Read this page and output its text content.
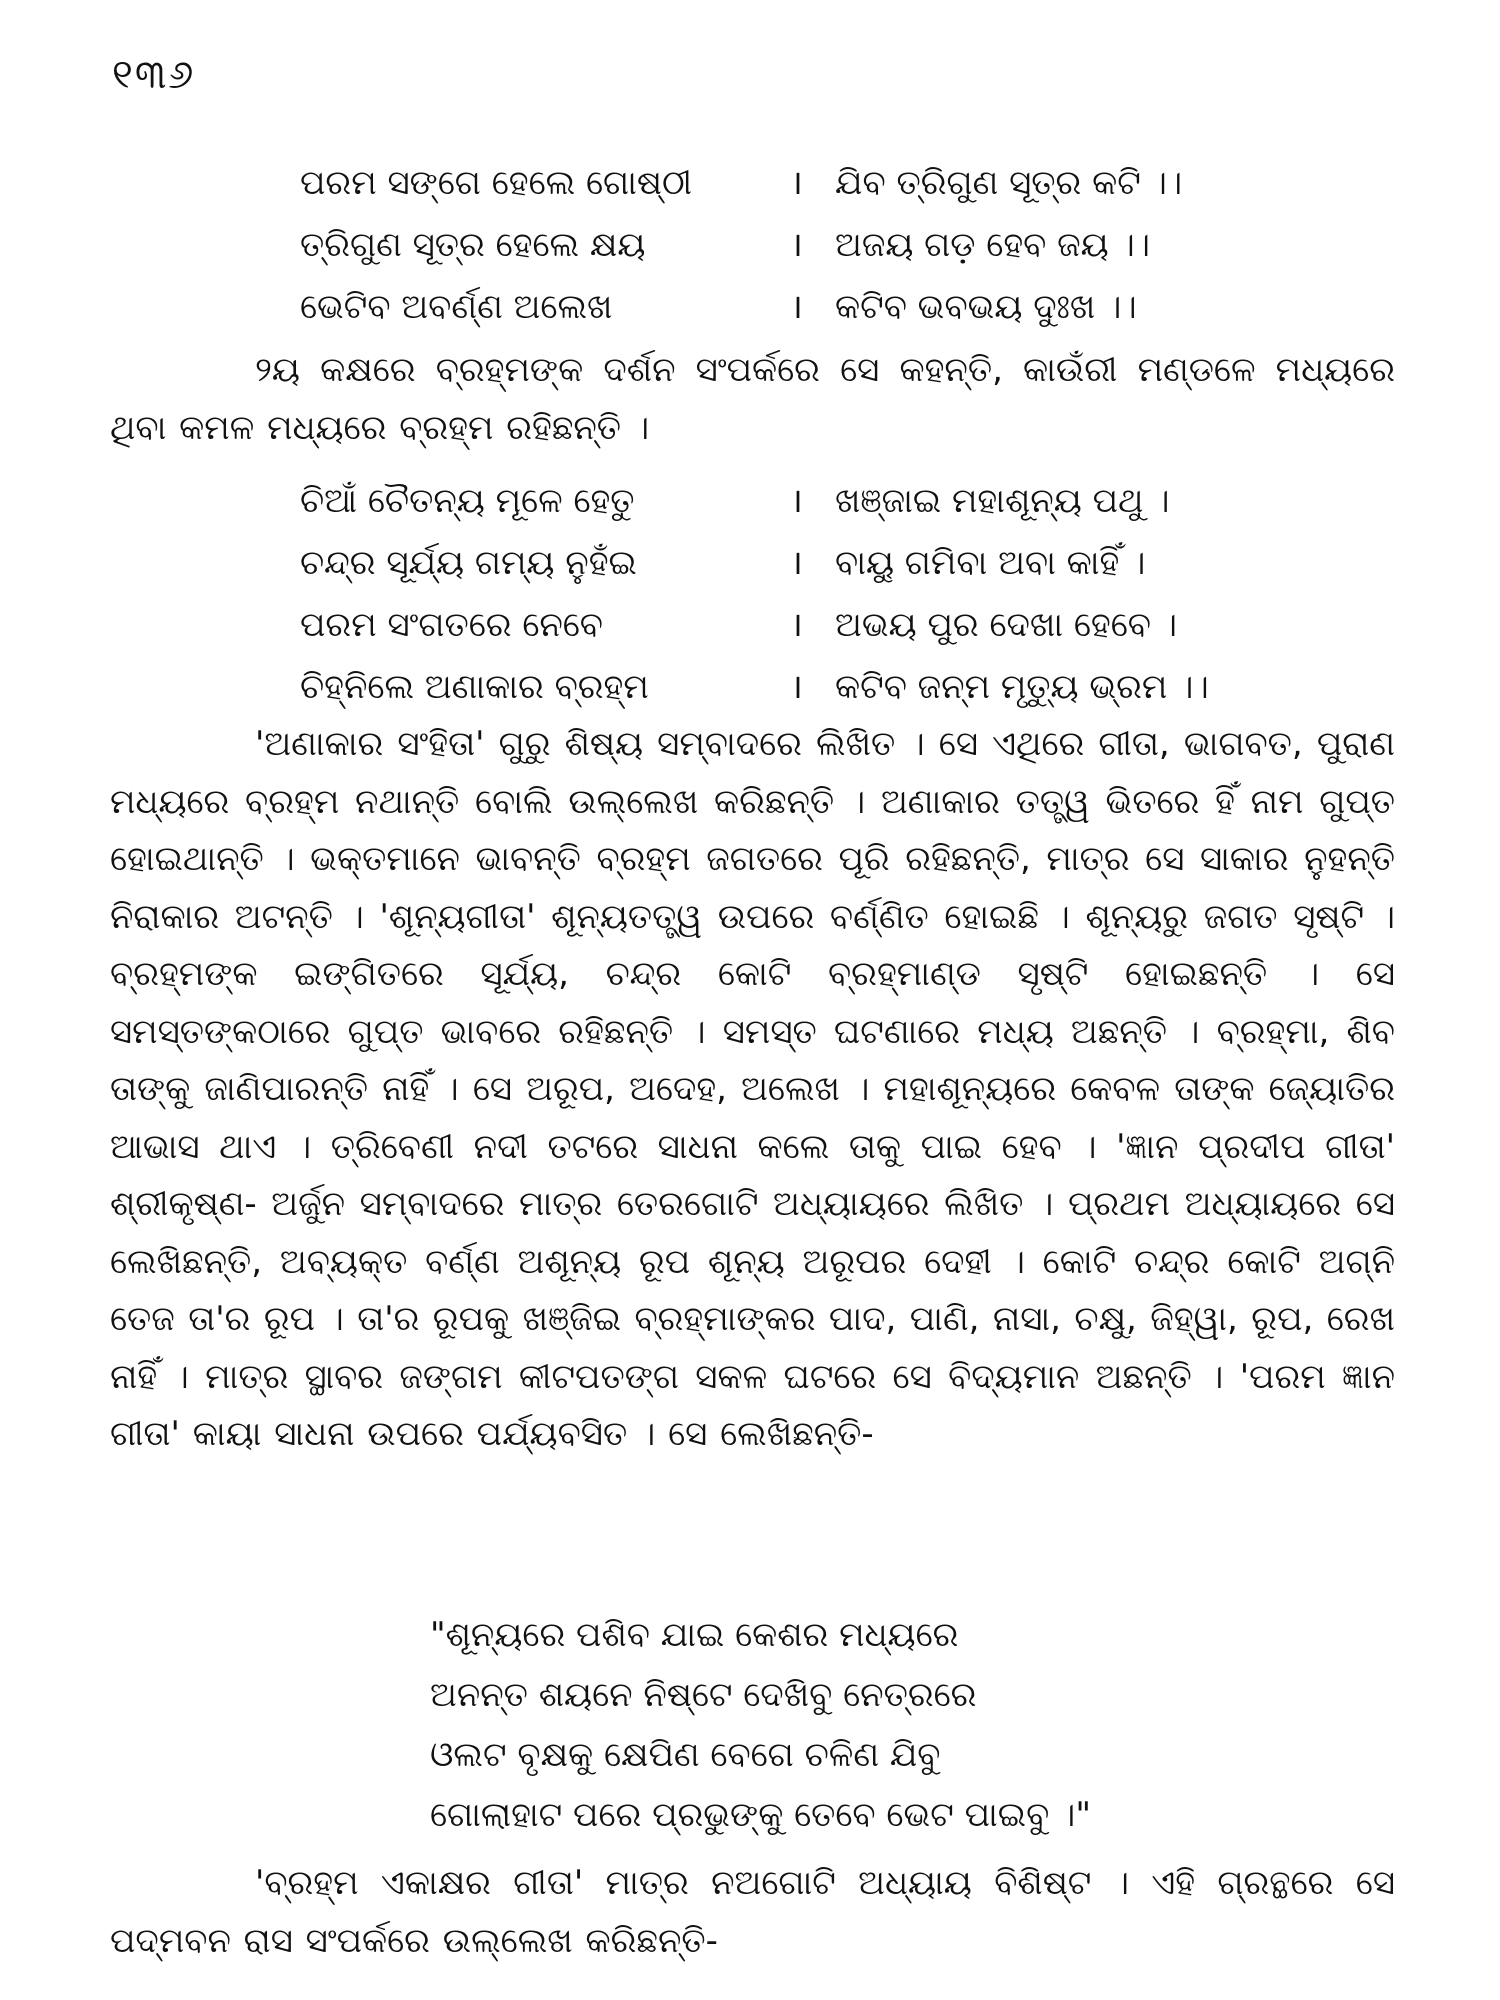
୧୩୬
ପରମ ସଙ୍ଗେ ହେଲେ ଗୋଷ୍ଠୀ	। ଯିବ ତ୍ରିଗୁଣ ସୂତ୍ର କଟି ।।
ତ୍ରିଗୁଣ ସୂତ୍ର ହେଲେ କ୍ଷୟ	। ଅଜୟ ଗଡ଼ ହେବ ଜୟ ।।
ଭେଟିବ ଅବର୍ଣ୍ଣ ଅଲେଖ	। କଟିବ ଭବଭୟ ଦୁଃଖ ।।

୨ୟ କକ୍ଷରେ ବ୍ରହ୍ମଙ୍କ ଦର୍ଶନ ସଂପର୍କରେ ସେ କହନ୍ତି, କାଉଁରୀ ମଣ୍ଡଳେ ମଧ୍ୟରେ ଥିବା କମଳ ମଧ୍ୟରେ ବ୍ରହ୍ମ ରହିଛନ୍ତି ।

ଚିଆଁ ଚୈତନ୍ୟ ମୂଳେ ହେତୁ	। ଖଞ୍ଜାଇ ମହାଶୂନ୍ୟ ପଥୁ ।
ଚନ୍ଦ୍ର ସୂର୍ଯ୍ୟ ଗମ୍ୟ ନୁହଁଇ	। ବାୟୁ ଗମିବା ଅବା କାହିଁ ।
ପରମ ସଂଗତରେ ନେବେ	। ଅଭୟ ପୁର ଦେଖା ହେବେ ।
ଚିହ୍ନିଲେ ଅଣାକାର ବ୍ରହ୍ମ	। କଟିବ ଜନ୍ମ ମୃତ୍ୟୁ ଭ୍ରମ ।।

'ଅଣାକାର ସଂହିତା' ଗୁରୁ ଶିଷ୍ୟ ସମ୍ବାଦରେ ଲିଖିତ । ସେ ଏଥିରେ ଗୀତା, ଭାଗବତ, ପୁରାଣ ମଧ୍ୟରେ ବ୍ରହ୍ମ ନଥାନ୍ତି ବୋଲି ଉଲ୍ଲେଖ କରିଛନ୍ତି । ଅଣାକାର ତତ୍ତ୍ୱ ଭିତରେ ହିଁ ନାମ ଗୁପ୍ତ ହୋଇଥାନ୍ତି । ଭକ୍ତମାନେ ଭାବନ୍ତି ବ୍ରହ୍ମ ଜଗତରେ ପୂରି ରହିଛନ୍ତି, ମାତ୍ର ସେ ସାକାର ନୁହନ୍ତି ନିରାକାର ଅଟନ୍ତି । 'ଶୂନ୍ୟଗୀତା' ଶୂନ୍ୟତତ୍ତ୍ୱ ଉପରେ ବର୍ଣ୍ଣିତ ହୋଇଛି । ଶୂନ୍ୟରୁ ଜଗତ ସୃଷ୍ଟି । ବ୍ରହ୍ମଙ୍କ ଇଙ୍ଗିତରେ ସୂର୍ଯ୍ୟ, ଚନ୍ଦ୍ର କୋଟି ବ୍ରହ୍ମାଣ୍ଡ ସୃଷ୍ଟି ହୋଇଛନ୍ତି । ସେ ସମସ୍ତଙ୍କଠାରେ ଗୁପ୍ତ ଭାବରେ ରହିଛନ୍ତି । ସମସ୍ତ ଘଟଣାରେ ମଧ୍ୟ ଅଛନ୍ତି । ବ୍ରହ୍ମା, ଶିବ ତାଙ୍କୁ ଜାଣିପାରନ୍ତି ନାହିଁ । ସେ ଅରୂପ, ଅଦେହ, ଅଲେଖ । ମହାଶୂନ୍ୟରେ କେବଳ ତାଙ୍କ ଜ୍ୟୋତିର ଆଭାସ ଥାଏ । ତ୍ରିବେଣୀ ନଦୀ ତଟରେ ସାଧନା କଲେ ତାକୁ ପାଇ ହେବ । 'ଜ୍ଞାନ ପ୍ରଦୀପ ଗୀତା' ଶ୍ରୀକୃଷ୍ଣ- ଅର୍ଜୁନ ସମ୍ବାଦରେ ମାତ୍ର ତେରଗୋଟି ଅଧ୍ୟାୟରେ ଲିଖିତ । ପ୍ରଥମ ଅଧ୍ୟାୟରେ ସେ ଲେଖିଛନ୍ତି, ଅବ୍ୟକ୍ତ ବର୍ଣ୍ଣ ଅଶୂନ୍ୟ ରୂପ ଶୂନ୍ୟ ଅରୂପର ଦେହୀ । କୋଟି ଚନ୍ଦ୍ର କୋଟି ଅଗ୍ନି ତେଜ ତା'ର ରୂପ । ତା'ର ରୂପକୁ ଖଞ୍ଜିଇ ବ୍ରହ୍ମାଙ୍କର ପାଦ, ପାଣି, ନାସା, ଚକ୍ଷୁ, ଜିହ୍ୱା, ରୂପ, ରେଖ ନାହିଁ । ମାତ୍ର ସ୍ଥାବର ଜଙ୍ଗମ କୀଟପତଙ୍ଗ ସକଳ ଘଟରେ ସେ ବିଦ୍ୟମାନ ଅଛନ୍ତି । 'ପରମ ଜ୍ଞାନ ଗୀତା' କାୟା ସାଧନା ଉପରେ ପର୍ଯ୍ୟବସିତ । ସେ ଲେଖିଛନ୍ତି-

"ଶୂନ୍ୟରେ ପଶିବ ଯାଇ କେଶର ମଧ୍ୟରେ
ଅନନ୍ତ ଶୟନେ ନିଷ୍ଟେ ଦେଖିବୁ ନେତ୍ରରେ
ଓଲଟ ବୃକ୍ଷକୁ କ୍ଷେପିଣ ବେଗେ ଚଳିଣ ଯିବୁ
ଗୋଲାହାଟ ପରେ ପ୍ରଭୁଙ୍କୁ ତେବେ ଭେଟ ପାଇବୁ ।"

'ବ୍ରହ୍ମ ଏକାକ୍ଷର ଗୀତା' ମାତ୍ର ନଅଗୋଟି ଅଧ୍ୟାୟ ବିଶିଷ୍ଟ । ଏହି ଗ୍ରନ୍ଥରେ ସେ ପଦ୍ମବନ ରାସ ସଂପର୍କରେ ଉଲ୍ଲେଖ କରିଛନ୍ତି-
